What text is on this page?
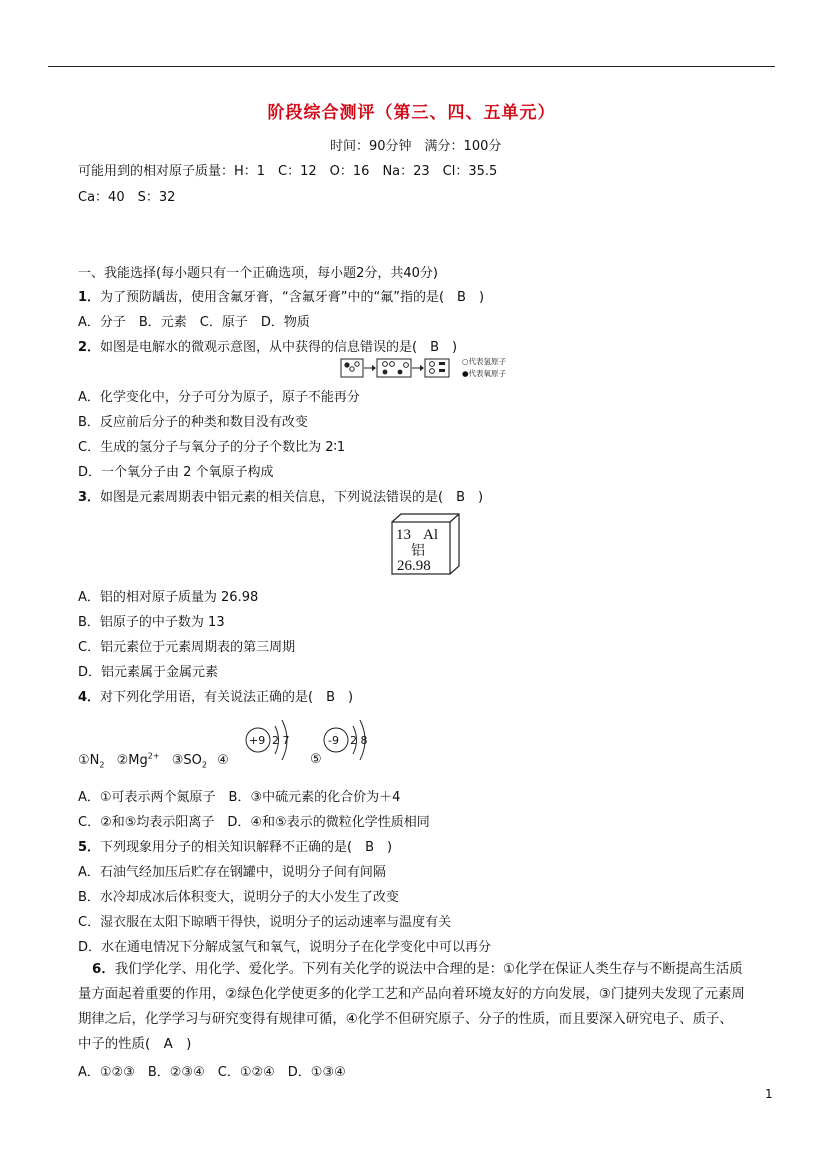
阶段综合测评（第三、四、五单元）
时间：90分钟　满分：100分
可能用到的相对原子质量：H：1　C：12　O：16　Na：23　Cl：35.5
Ca：40　S：32
一、我能选择(每小题只有一个正确选项，每小题2分，共40分)
1．为了预防龋齿，使用含氟牙膏，“含氟牙膏”中的“氟”指的是(　B　)
A．分子　B．元素　C．原子　D．物质
2．如图是电解水的微观示意图，从中获得的信息错误的是(　B　)
○代表氢原子
●代表氧原子
A．化学变化中，分子可分为原子，原子不能再分
B．反应前后分子的种类和数目没有改变
C．生成的氢分子与氧分子的分子个数比为 2∶1
D．一个氧分子由 2 个氧原子构成
3．如图是元素周期表中铝元素的相关信息，下列说法错误的是(　B　)
13 Al
铝
26.98
A．铝的相对原子质量为 26.98
B．铝原子的中子数为 13
C．铝元素位于元素周期表的第三周期
D．铝元素属于金属元素
4．对下列化学用语，有关说法正确的是(　B　)
$①N_2$ $②Mg^{2+}$ $③SO_2$ ④	⑤
+9 2 7	-9 2 8
A．①可表示两个氮原子　B．③中硫元素的化合价为＋4
C．②和⑤均表示阳离子　D．④和⑤表示的微粒化学性质相同
5．下列现象用分子的相关知识解释不正确的是(　B　)
A．石油气经加压后贮存在钢罐中，说明分子间有间隔
B．水冷却成冰后体积变大，说明分子的大小发生了改变
C．湿衣服在太阳下晾晒干得快，说明分子的运动速率与温度有关
D．水在通电情况下分解成氢气和氧气，说明分子在化学变化中可以再分
6．我们学化学、用化学、爱化学。下列有关化学的说法中合理的是：①化学在保证人类生存与不断提高生活质量方面起着重要的作用，②绿色化学使更多的化学工艺和产品向着环境友好的方向发展，③门捷列夫发现了元素周期律之后，化学学习与研究变得有规律可循，④化学不但研究原子、分子的性质，而且要深入研究电子、质子、中子的性质(　A　)
A．①②③　B．②③④　C．①②④　D．①③④
1
